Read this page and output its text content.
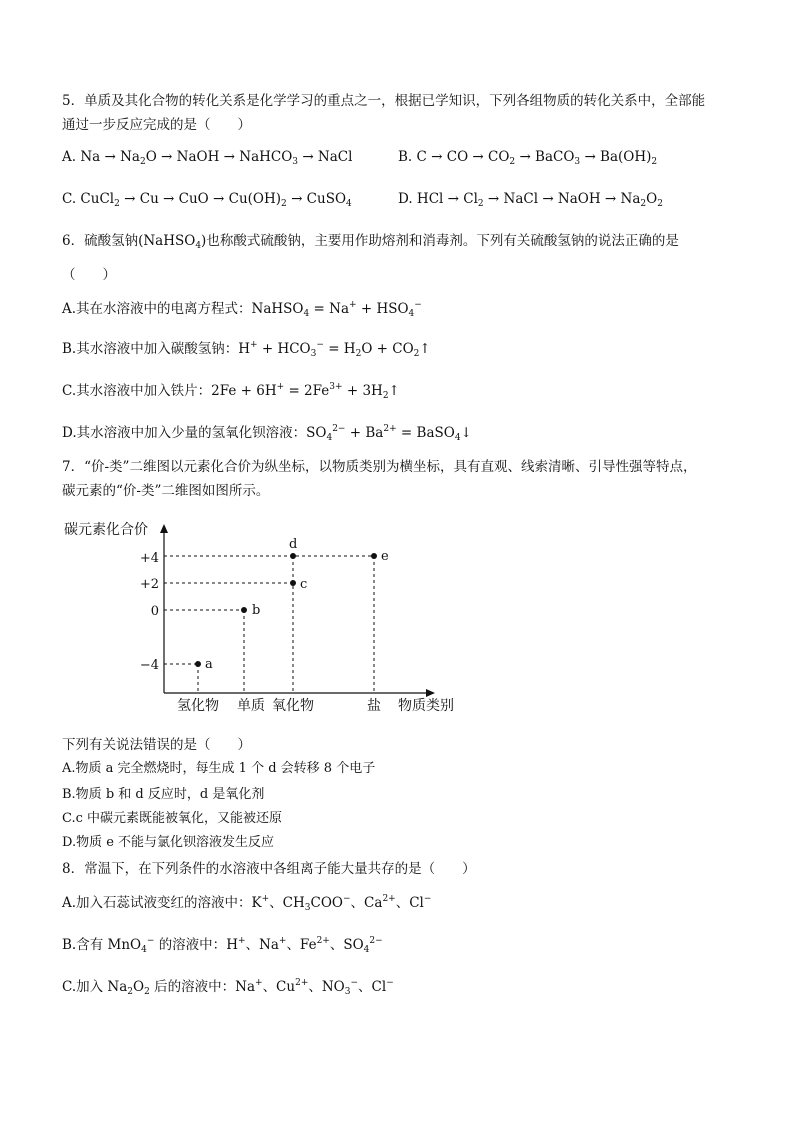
5．单质及其化合物的转化关系是化学学习的重点之一，根据已学知识，下列各组物质的转化关系中，全部能
通过一步反应完成的是（　　）
A. $Na \to Na_2O$ → NaOH → NaHCO$_3$ → NaCl	B. C → CO → $CO_2$ → BaCO$_3$ → $Ba(OH)_2$
C. CuCl$_2$ → Cu → CuO → $Cu(OH)_2$ → CuSO$_4$	D. HCl → $Cl_2$ → NaCl → NaOH → $Na_2O_2$
6．硫酸氢钠(NaHSO$_4$)也称酸式硫酸钠，主要用作助熔剂和消毒剂。下列有关硫酸氢钠的说法正确的是
（　　）
A.其在水溶液中的电离方程式：NaHSO$_4$ = $Na^+ + HSO_4^-$
B.其水溶液中加入碳酸氢钠：$H^+ + HCO_3^- = H_2O$ + $CO_2↑$
C.其水溶液中加入铁片：$2Fe + 6H^+ = 2Fe^{3+}$ + $3H_2↑$
D.其水溶液中加入少量的氢氧化钡溶液：$SO_4^{2-} + Ba^{2+}$ = BaSO$_4$↓
7．“价-类”二维图以元素化合价为纵坐标，以物质类别为横坐标，具有直观、线索清晰、引导性强等特点，
碳元素的“价-类”二维图如图所示。
碳元素化合价
+4
+2
0
−4	a
b
c
d
e
氢化物 单质 氧化物	盐 物质类别
下列有关说法错误的是（　　）
A.物质 a 完全燃烧时，每生成 1 个 d 会转移 8 个电子
B.物质 b 和 d 反应时，d 是氧化剂
C.c 中碳元素既能被氧化，又能被还原
D.物质 e 不能与氯化钡溶液发生反应
8．常温下，在下列条件的水溶液中各组离子能大量共存的是（　　）
A.加入石蕊试液变红的溶液中：K+、$CH_3COO^-$、$Ca^{2+}$、Cl−
B.含有 MnO$_4$− 的溶液中：H+、Na+、$Fe^{2+}$、$SO_4^{2-}$
C.加入 $Na_2O_2$ 后的溶液中：Na+、$Cu^{2+}$、$NO_3^-$、Cl−
